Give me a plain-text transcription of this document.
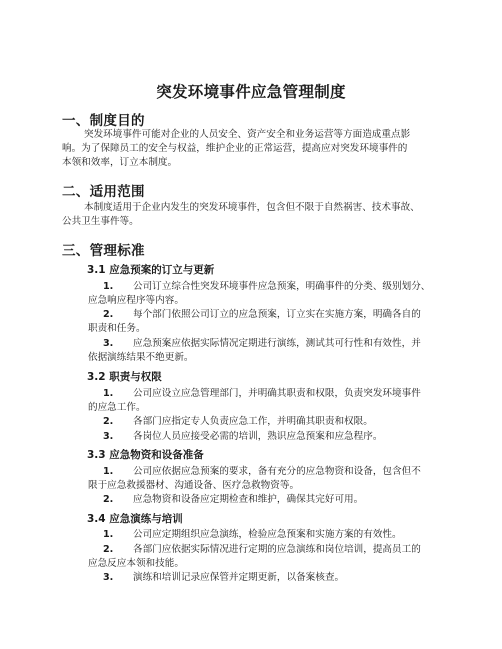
突发环境事件应急管理制度
一、制度目的
突发环境事件可能对企业的人员安全、资产安全和业务运营等方面造成重点影
响。为了保障员工的安全与权益，维护企业的正常运营，提高应对突发环境事件的
本领和效率，订立本制度。
二、适用范围
本制度适用于企业内发生的突发环境事件，包含但不限于自然祸害、技术事故、
公共卫生事件等。
三、管理标准
3.1 应急预案的订立与更新
1. 公司订立综合性突发环境事件应急预案，明确事件的分类、级别划分、
应急响应程序等内容。
2. 每个部门依照公司订立的应急预案，订立实在实施方案，明确各自的
职责和任务。
3. 应急预案应依据实际情况定期进行演练，测试其可行性和有效性，并
依据演练结果不绝更新。
3.2 职责与权限
1. 公司应设立应急管理部门，并明确其职责和权限，负责突发环境事件
的应急工作。
2. 各部门应指定专人负责应急工作，并明确其职责和权限。
3. 各岗位人员应接受必需的培训，熟识应急预案和应急程序。
3.3 应急物资和设备准备
1. 公司应依据应急预案的要求，备有充分的应急物资和设备，包含但不
限于应急救援器材、沟通设备、医疗急救物资等。
2. 应急物资和设备应定期检查和维护，确保其完好可用。
3.4 应急演练与培训
1. 公司应定期组织应急演练，检验应急预案和实施方案的有效性。
2. 各部门应依据实际情况进行定期的应急演练和岗位培训，提高员工的
应急反应本领和技能。
3. 演练和培训记录应保管并定期更新，以备案核查。
